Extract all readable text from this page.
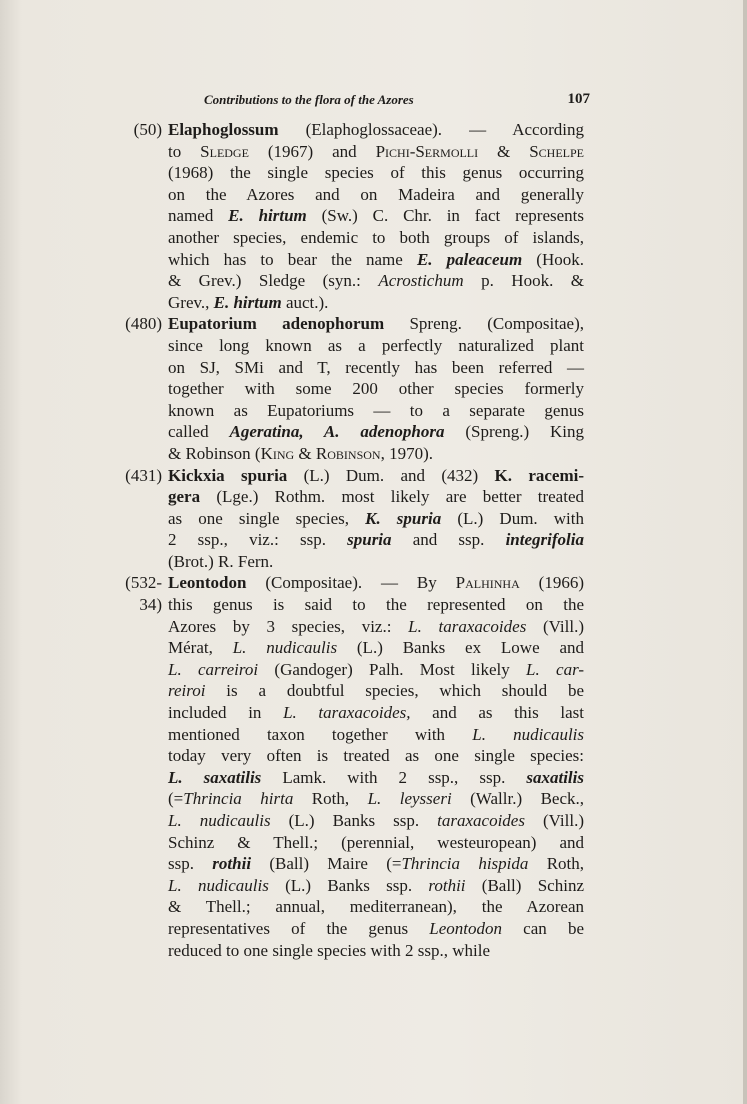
Contributions to the flora of the Azores	107
(50) Elaphoglossum (Elaphoglossaceae). — According
to Sledge (1967) and Pichi-Sermolli & Schelpe
(1968) the single species of this genus occurring
on the Azores and on Madeira and generally
named E. hirtum (Sw.) C. Chr. in fact represents
another species, endemic to both groups of islands,
which has to bear the name E. paleaceum (Hook.
& Grev.) Sledge (syn.: Acrostichum p. Hook. &
Grev., E. hirtum auct.).
(480) Eupatorium adenophorum Spreng. (Compositae),
since long known as a perfectly naturalized plant
on SJ, SMi and T, recently has been referred —
together with some 200 other species formerly
known as Eupatoriums — to a separate genus
called Ageratina, A. adenophora (Spreng.) King
& Robinson (King & Robinson, 1970).
(431) Kickxia spuria (L.) Dum. and (432) K. racemi-
gera (Lge.) Rothm. most likely are better treated
as one single species, K. spuria (L.) Dum. with
2 ssp., viz.: ssp. spuria and ssp. integrifolia
(Brot.) R. Fern.
(532-34)
Leontodon (Compositae). — By Palhinha (1966)
this genus is said to the represented on the
Azores by 3 species, viz.: L. taraxacoides (Vill.)
Mérat, L. nudicaulis (L.) Banks ex Lowe and
L. carreiroi (Gandoger) Palh. Most likely L. car-
reiroi is a doubtful species, which should be
included in L. taraxacoides, and as this last
mentioned taxon together with L. nudicaulis
today very often is treated as one single species:
L. saxatilis Lamk. with 2 ssp., ssp. saxatilis
(=Thrincia hirta Roth, L. leysseri (Wallr.) Beck.,
L. nudicaulis (L.) Banks ssp. taraxacoides (Vill.)
Schinz & Thell.; (perennial, westeuropean) and
ssp. rothii (Ball) Maire (=Thrincia hispida Roth,
L. nudicaulis (L.) Banks ssp. rothii (Ball) Schinz
& Thell.; annual, mediterranean), the Azorean
representatives of the genus Leontodon can be
reduced to one single species with 2 ssp., while
